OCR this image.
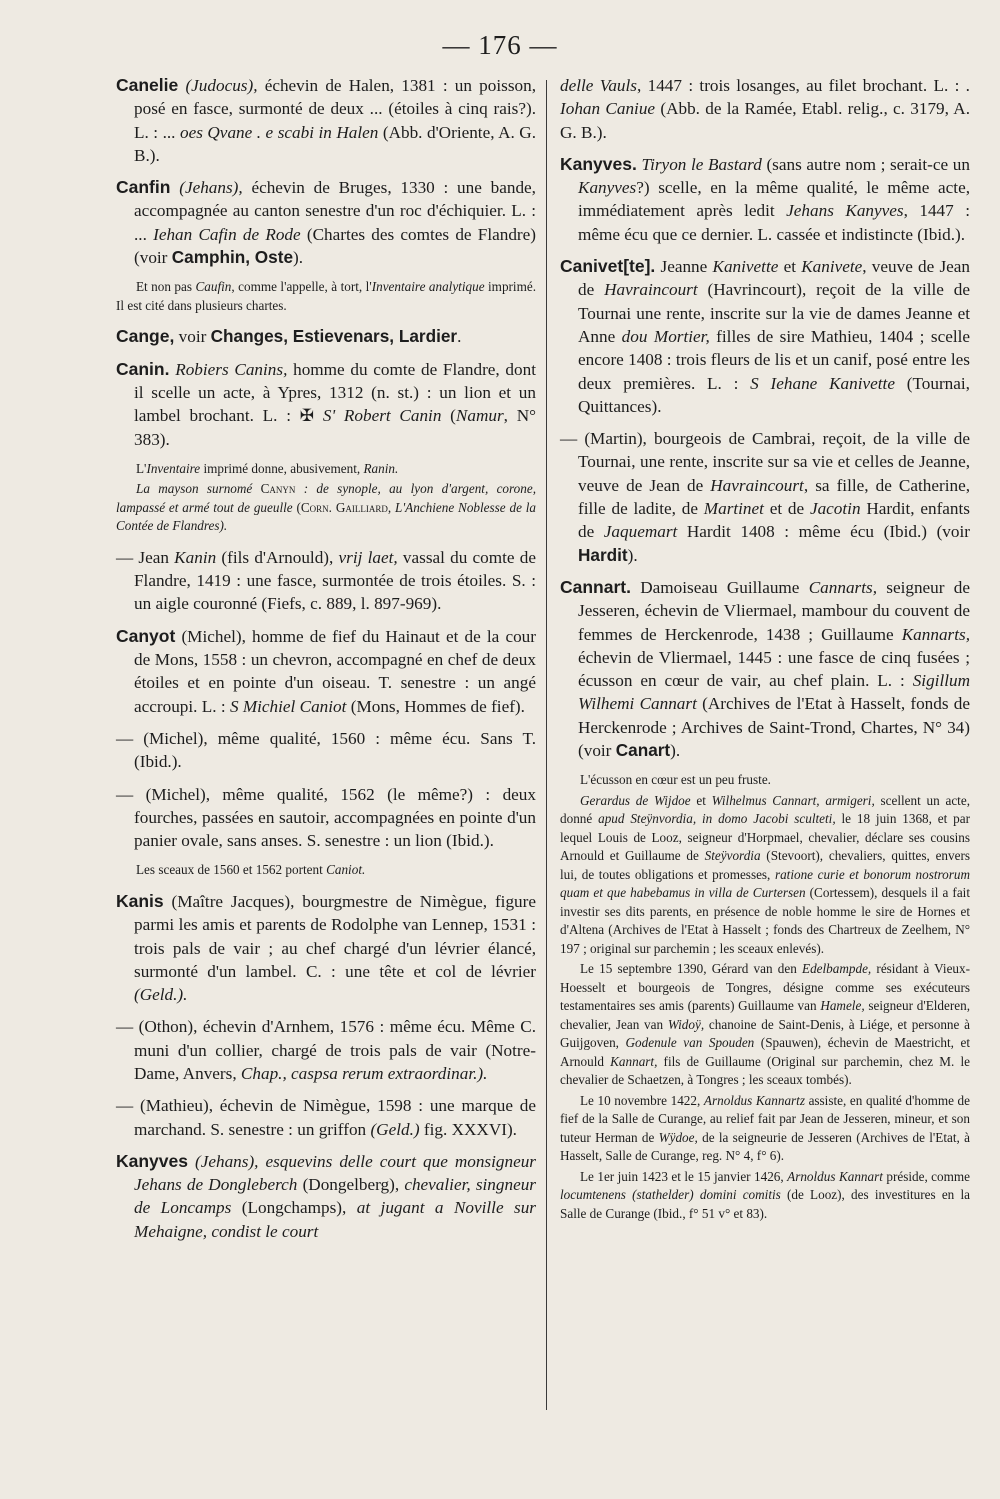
— 176 —

Canelie (Judocus), échevin de Halen, 1381 : un poisson, posé en fasce, surmonté de deux ... (étoiles à cinq rais?). L. : ... oes Qvane . e scabi in Halen (Abb. d'Oriente, A. G. B.).

Canfin (Jehans), échevin de Bruges, 1330 : une bande, accompagnée au canton senestre d'un roc d'échiquier. L. : ... Iehan Cafin de Rode (Chartes des comtes de Flandre) (voir Camphin, Oste).

Et non pas Caufin, comme l'appelle, à tort, l'Inventaire analytique imprimé. Il est cité dans plusieurs chartes.

Cange, voir Changes, Estievenars, Lardier.

Canin. Robiers Canins, homme du comte de Flandre, dont il scelle un acte, à Ypres, 1312 (n. st.) : un lion et un lambel brochant. L. : ✠ S' Robert Canin (Namur, N° 383).

L'Inventaire imprimé donne, abusivement, Ranin.

La mayson surnomé Canyn : de synople, au lyon d'argent, corone, lampassé et armé tout de gueulle (Corn. Gailliard, L'Anchiene Noblesse de la Contée de Flandres).

— Jean Kanin (fils d'Arnould), vrij laet, vassal du comte de Flandre, 1419 : une fasce, surmontée de trois étoiles. S. : un aigle couronné (Fiefs, c. 889, l. 897-969).

Canyot (Michel), homme de fief du Hainaut et de la cour de Mons, 1558 : un chevron, accompagné en chef de deux étoiles et en pointe d'un oiseau. T. senestre : un angé accroupi. L. : S Michiel Caniot (Mons, Hommes de fief).

— (Michel), même qualité, 1560 : même écu. Sans T. (Ibid.).

— (Michel), même qualité, 1562 (le même?) : deux fourches, passées en sautoir, accompagnées en pointe d'un panier ovale, sans anses. S. senestre : un lion (Ibid.).

Les sceaux de 1560 et 1562 portent Caniot.

Kanis (Maître Jacques), bourgmestre de Nimègue, figure parmi les amis et parents de Rodolphe van Lennep, 1531 : trois pals de vair ; au chef chargé d'un lévrier élancé, surmonté d'un lambel. C. : une tête et col de lévrier (Geld.).

— (Othon), échevin d'Arnhem, 1576 : même écu. Même C. muni d'un collier, chargé de trois pals de vair (Notre-Dame, Anvers, Chap., caspsa rerum extraordinar.).

— (Mathieu), échevin de Nimègue, 1598 : une marque de marchand. S. senestre : un griffon (Geld.) fig. XXXVI).

Kanyves (Jehans), esquevins delle court que monsigneur Jehans de Dongleberch (Dongelberg), chevalier, singneur de Loncamps (Longchamps), at jugant a Noville sur Mehaigne, condist le court

delle Vauls, 1447 : trois losanges, au filet brochant. L. : . Iohan Caniue (Abb. de la Ramée, Etabl. relig., c. 3179, A. G. B.).

Kanyves. Tiryon le Bastard (sans autre nom ; serait-ce un Kanyves?) scelle, en la même qualité, le même acte, immédiatement après ledit Jehans Kanyves, 1447 : même écu que ce dernier. L. cassée et indistincte (Ibid.).

Canivet[te]. Jeanne Kanivette et Kanivete, veuve de Jean de Havraincourt (Havrincourt), reçoit de la ville de Tournai une rente, inscrite sur la vie de dames Jeanne et Anne dou Mortier, filles de sire Mathieu, 1404 ; scelle encore 1408 : trois fleurs de lis et un canif, posé entre les deux premières. L. : S Iehane Kanivette (Tournai, Quittances).

— (Martin), bourgeois de Cambrai, reçoit, de la ville de Tournai, une rente, inscrite sur sa vie et celles de Jeanne, veuve de Jean de Havraincourt, sa fille, de Catherine, fille de ladite, de Martinet et de Jacotin Hardit, enfants de Jaquemart Hardit 1408 : même écu (Ibid.) (voir Hardit).

Cannart. Damoiseau Guillaume Cannarts, seigneur de Jesseren, échevin de Vliermael, mambour du couvent de femmes de Herckenrode, 1438 ; Guillaume Kannarts, échevin de Vliermael, 1445 : une fasce de cinq fusées ; écusson en cœur de vair, au chef plain. L. : Sigillum Wilhemi Cannart (Archives de l'Etat à Hasselt, fonds de Herckenrode ; Archives de Saint-Trond, Chartes, N° 34) (voir Canart).

L'écusson en cœur est un peu fruste.

Gerardus de Wijdoe et Wilhelmus Cannart, armigeri, scellent un acte, donné apud Steÿnvordia, in domo Jacobi sculteti, le 18 juin 1368, et par lequel Louis de Looz, seigneur d'Horpmael, chevalier, déclare ses cousins Arnould et Guillaume de Steÿvordia (Stevoort), chevaliers, quittes, envers lui, de toutes obligations et promesses, ratione curie et bonorum nostrorum quam et que habebamus in villa de Curtersen (Cortessem), desquels il a fait investir ses dits parents, en présence de noble homme le sire de Hornes et d'Altena (Archives de l'Etat à Hasselt ; fonds des Chartreux de Zeelhem, N° 197 ; original sur parchemin ; les sceaux enlevés).

Le 15 septembre 1390, Gérard van den Edelbampde, résidant à Vieux-Hoesselt et bourgeois de Tongres, désigne comme ses exécuteurs testamentaires ses amis (parents) Guillaume van Hamele, seigneur d'Elderen, chevalier, Jean van Widoÿ, chanoine de Saint-Denis, à Liége, et personne à Guijgoven, Godenule van Spouden (Spauwen), échevin de Maestricht, et Arnould Kannart, fils de Guillaume (Original sur parchemin, chez M. le chevalier de Schaetzen, à Tongres ; les sceaux tombés).

Le 10 novembre 1422, Arnoldus Kannartz assiste, en qualité d'homme de fief de la Salle de Curange, au relief fait par Jean de Jesseren, mineur, et son tuteur Herman de Wÿdoe, de la seigneurie de Jesseren (Archives de l'Etat, à Hasselt, Salle de Curange, reg. N° 4, f° 6).

Le 1er juin 1423 et le 15 janvier 1426, Arnoldus Kannart préside, comme locumtenens (stathelder) domini comitis (de Looz), des investitures en la Salle de Curange (Ibid., f° 51 v° et 83).
